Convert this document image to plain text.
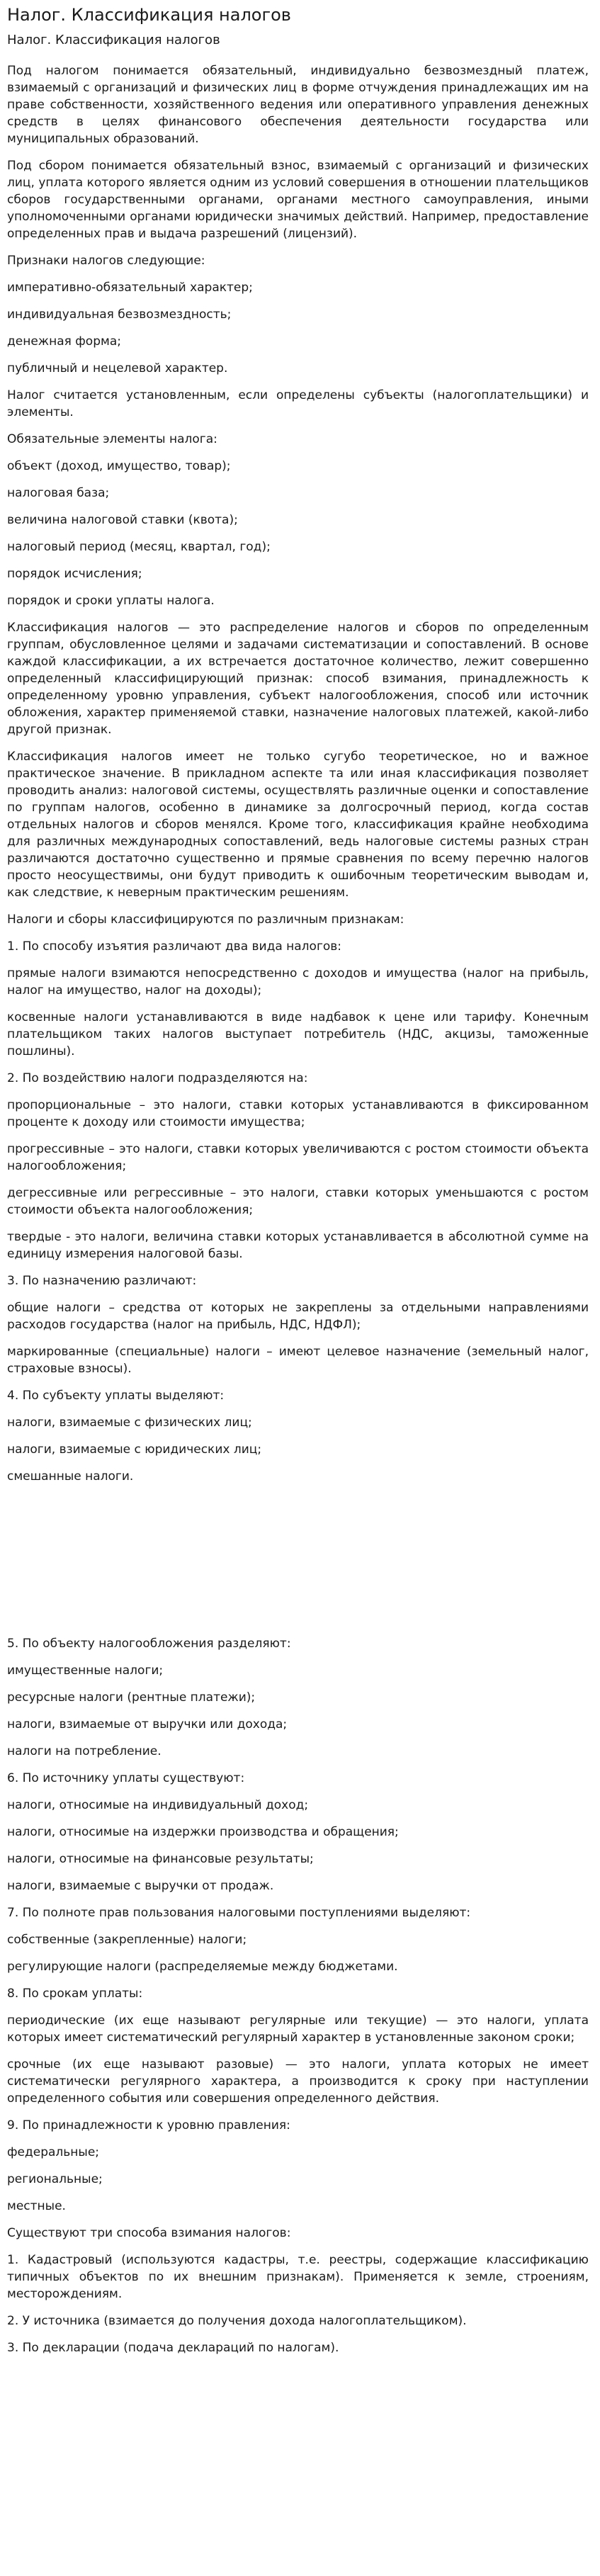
Налог. Классификация налогов
Налог. Классификация налогов

Под налогом понимается обязательный, индивидуально безвозмездный платеж, взимаемый с организаций и физических лиц в форме отчуждения принадлежащих им на праве собственности, хозяйственного ведения или оперативного управления денежных средств в целях финансового обеспечения деятельности государства или муниципальных образований.

Под сбором понимается обязательный взнос, взимаемый с организаций и физических лиц, уплата которого является одним из условий совершения в отношении плательщиков сборов государственными органами, органами местного самоуправления, иными уполномоченными органами юридически значимых действий. Например, предоставление определенных прав и выдача разрешений (лицензий).

Признаки налогов следующие:

императивно-обязательный характер;

индивидуальная безвозмездность;

денежная форма;

публичный и нецелевой характер.

Налог считается установленным, если определены субъекты (налогоплательщики) и элементы.

Обязательные элементы налога:

объект (доход, имущество, товар);

налоговая база;

величина налоговой ставки (квота);

налоговый период (месяц, квартал, год);

порядок исчисления;

порядок и сроки уплаты налога.

Классификация налогов — это распределение налогов и сборов по определенным группам, обусловленное целями и задачами систематизации и сопоставлений. В основе каждой классификации, а их встречается достаточное количество, лежит совершенно определенный классифицирующий признак: способ взимания, принадлежность к определенному уровню управления, субъект налогообложения, способ или источник обложения, характер применяемой ставки, назначение налоговых платежей, какой-либо другой признак.

Классификация налогов имеет не только сугубо теоретическое, но и важное практическое значение. В прикладном аспекте та или иная классификация позволяет проводить анализ: налоговой системы, осуществлять различные оценки и сопоставление по группам налогов, особенно в динамике за долгосрочный период, когда состав отдельных налогов и сборов менялся. Кроме того, классификация крайне необходима для различных международных сопоставлений, ведь налоговые системы разных стран различаются достаточно существенно и прямые сравнения по всему перечню налогов просто неосуществимы, они будут приводить к ошибочным теоретическим выводам и, как следствие, к неверным практическим решениям.

Налоги и сборы классифицируются по различным признакам:

1. По способу изъятия различают два вида налогов:

прямые налоги взимаются непосредственно с доходов и имущества (налог на прибыль, налог на имущество, налог на доходы);

косвенные налоги устанавливаются в виде надбавок к цене или тарифу. Конечным плательщиком таких налогов выступает потребитель (НДС, акцизы, таможенные пошлины).

2. По воздействию налоги подразделяются на:

пропорциональные – это налоги, ставки которых устанавливаются в фиксированном проценте к доходу или стоимости имущества;

прогрессивные – это налоги, ставки которых увеличиваются с ростом стоимости объекта налогообложения;

дегрессивные или регрессивные – это налоги, ставки которых уменьшаются с ростом стоимости объекта налогообложения;

твердые - это налоги, величина ставки которых устанавливается в абсолютной сумме на единицу измерения налоговой базы.

3. По назначению различают:

общие налоги – средства от которых не закреплены за отдельными направлениями расходов государства (налог на прибыль, НДС, НДФЛ);

маркированные (специальные) налоги – имеют целевое назначение (земельный налог, страховые взносы).

4. По субъекту уплаты выделяют:

налоги, взимаемые с физических лиц;

налоги, взимаемые с юридических лиц;

смешанные налоги.

5. По объекту налогообложения разделяют:

имущественные налоги;

ресурсные налоги (рентные платежи);

налоги, взимаемые от выручки или дохода;

налоги на потребление.

6. По источнику уплаты существуют:

налоги, относимые на индивидуальный доход;

налоги, относимые на издержки производства и обращения;

налоги, относимые на финансовые результаты;

налоги, взимаемые с выручки от продаж.

7. По полноте прав пользования налоговыми поступлениями выделяют:

собственные (закрепленные) налоги;

регулирующие налоги (распределяемые между бюджетами.

8. По срокам уплаты:

периодические (их еще называют регулярные или текущие) — это налоги, уплата которых имеет систематический регулярный характер в установленные законом сроки;

срочные (их еще называют разовые) — это налоги, уплата которых не имеет систематически регулярного характера, а производится к сроку при наступлении определенного события или совершения определенного действия.

9. По принадлежности к уровню правления:

федеральные;

региональные;

местные.

Существуют три способа взимания налогов:

1. Кадастровый (используются кадастры, т.е. реестры, содержащие классификацию типичных объектов по их внешним признакам). Применяется к земле, строениям, месторождениям.

2. У источника (взимается до получения дохода налогоплательщиком).

3. По декларации (подача деклараций по налогам).
